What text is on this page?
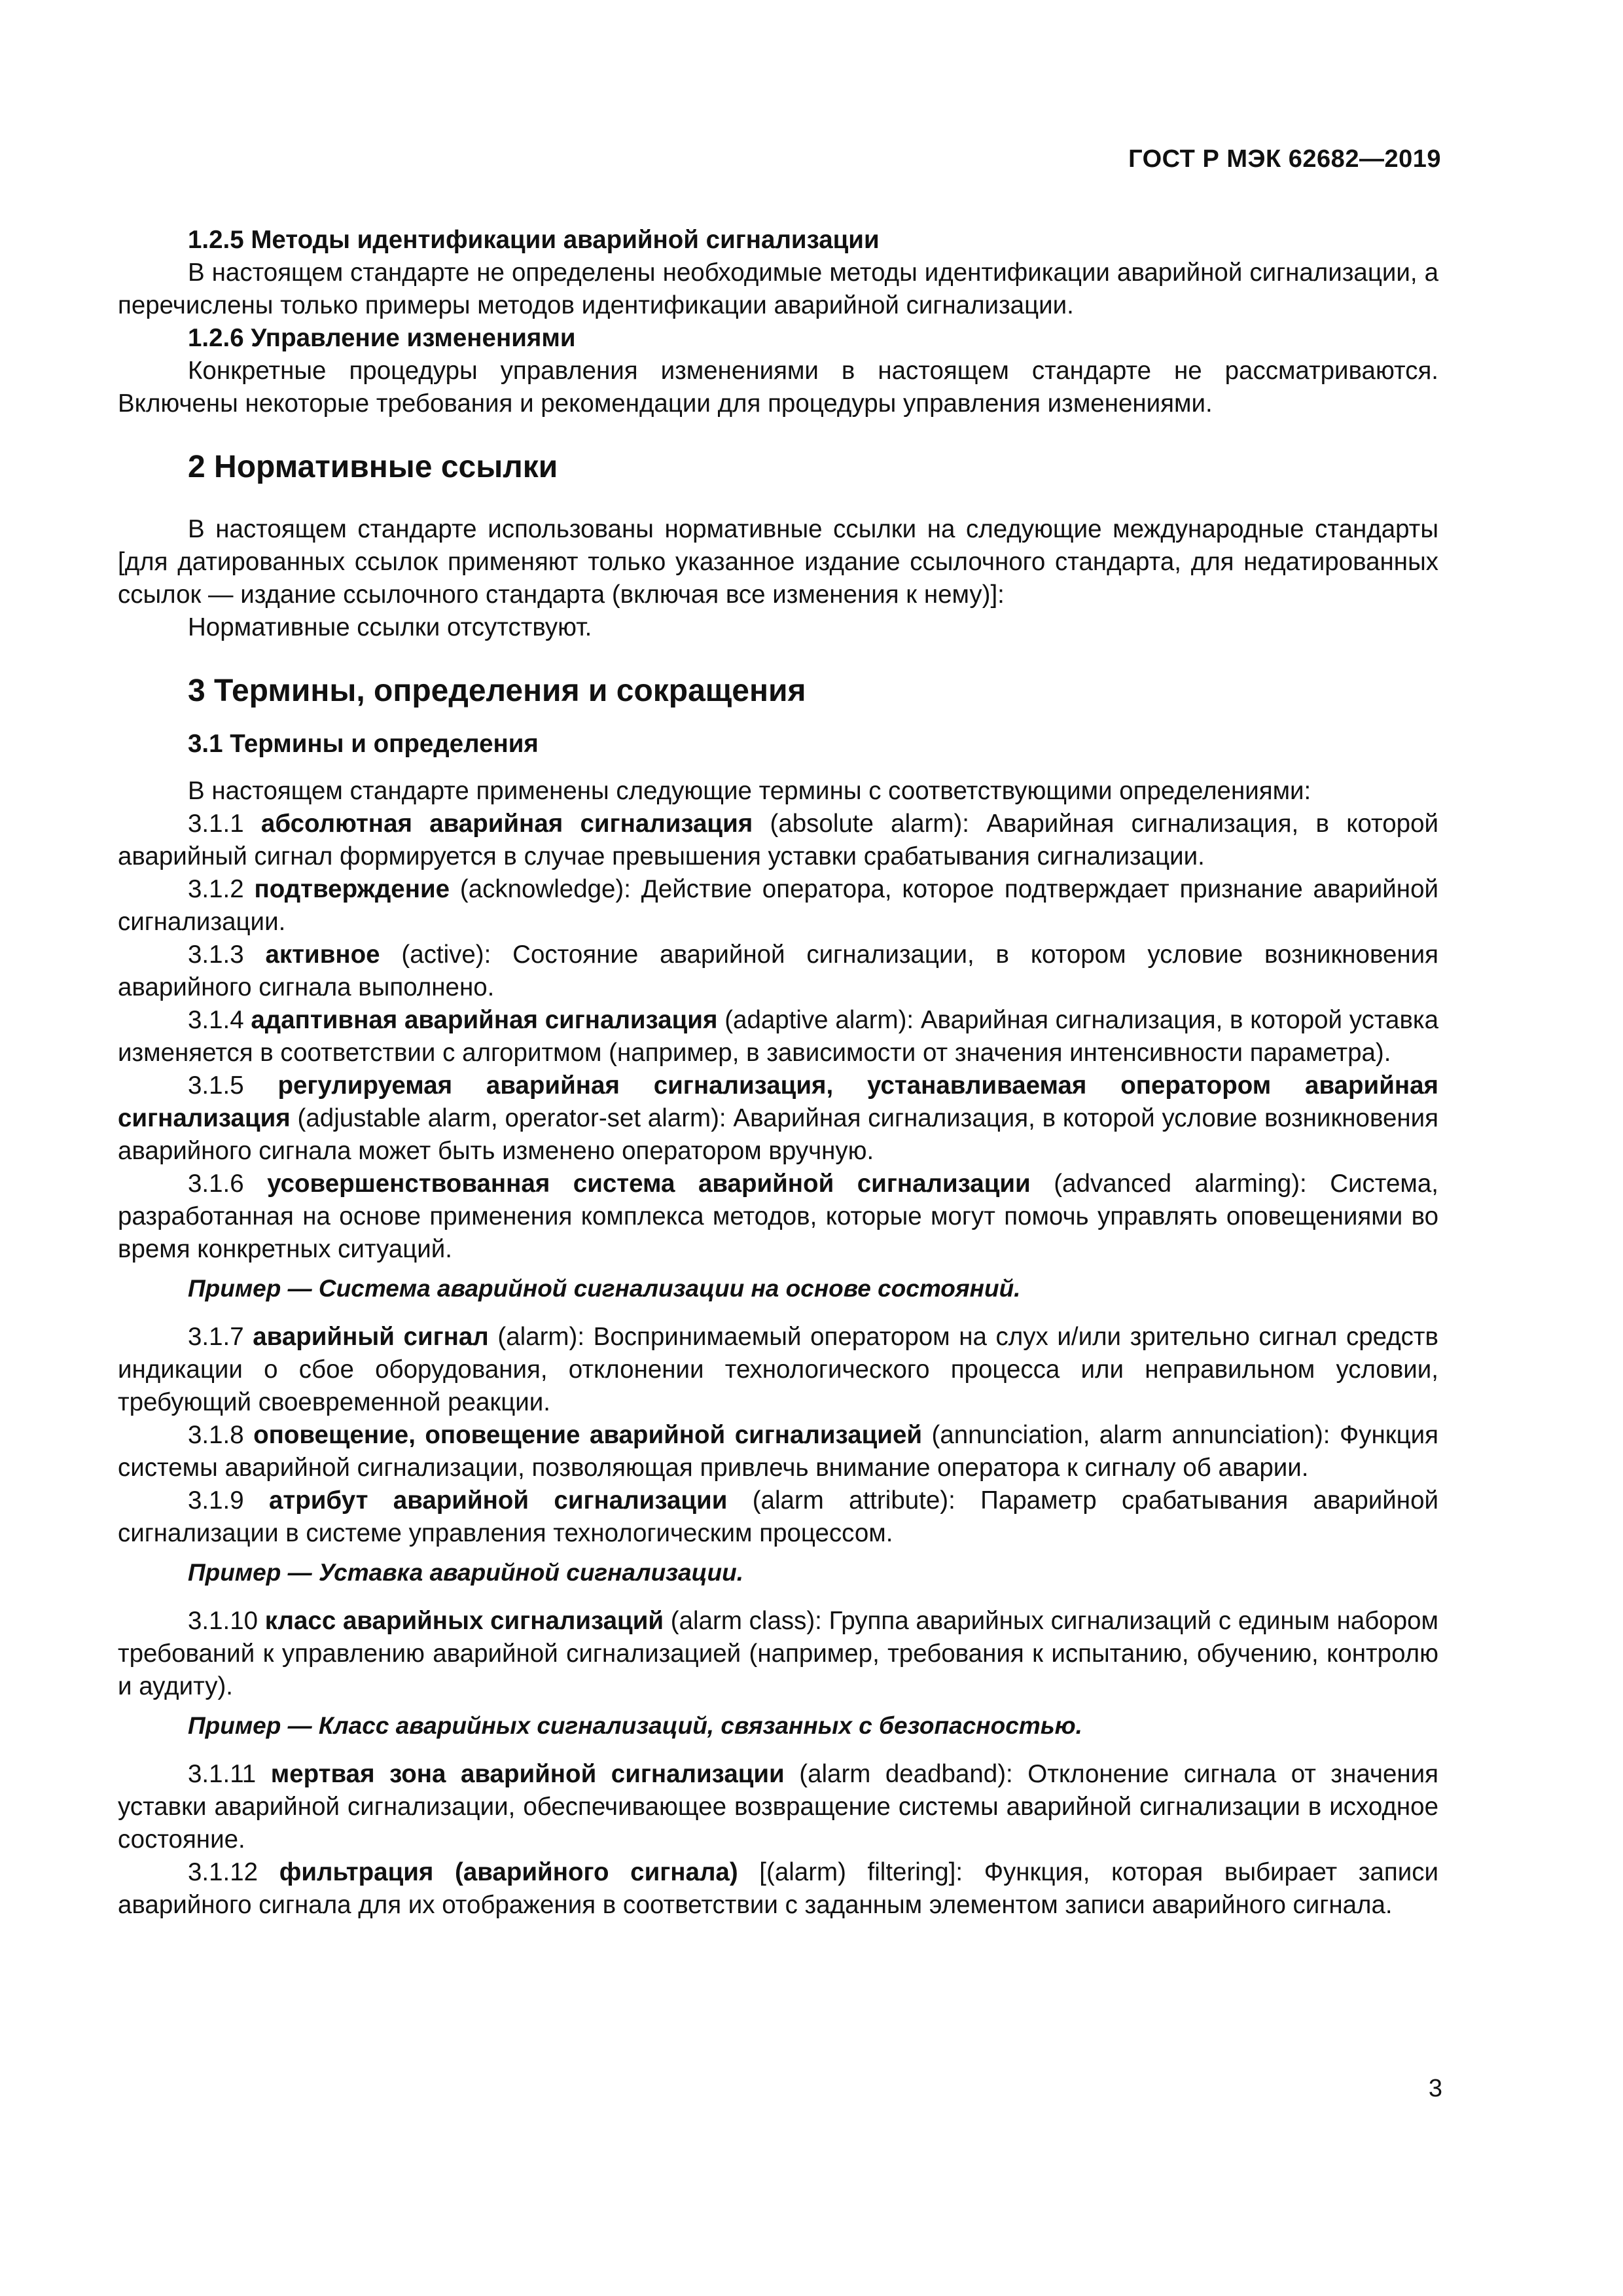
ГОСТ Р МЭК 62682—2019

1.2.5 Методы идентификации аварийной сигнализации

В настоящем стандарте не определены необходимые методы идентификации аварийной сигнализации, а перечислены только примеры методов идентификации аварийной сигнализации.

1.2.6 Управление изменениями

Конкретные процедуры управления изменениями в настоящем стандарте не рассматриваются. Включены некоторые требования и рекомендации для процедуры управления изменениями.

2 Нормативные ссылки

В настоящем стандарте использованы нормативные ссылки на следующие международные стандарты [для датированных ссылок применяют только указанное издание ссылочного стандарта, для недатированных ссылок — издание ссылочного стандарта (включая все изменения к нему)]:

Нормативные ссылки отсутствуют.

3 Термины, определения и сокращения

3.1 Термины и определения

В настоящем стандарте применены следующие термины с соответствующими определениями:

3.1.1 абсолютная аварийная сигнализация (absolute alarm): Аварийная сигнализация, в которой аварийный сигнал формируется в случае превышения уставки срабатывания сигнализации.

3.1.2 подтверждение (acknowledge): Действие оператора, которое подтверждает признание аварийной сигнализации.

3.1.3 активное (active): Состояние аварийной сигнализации, в котором условие возникновения аварийного сигнала выполнено.

3.1.4 адаптивная аварийная сигнализация (adaptive alarm): Аварийная сигнализация, в которой уставка изменяется в соответствии с алгоритмом (например, в зависимости от значения интенсивности параметра).

3.1.5 регулируемая аварийная сигнализация, устанавливаемая оператором аварийная сигнализация (adjustable alarm, operator-set alarm): Аварийная сигнализация, в которой условие возникновения аварийного сигнала может быть изменено оператором вручную.

3.1.6 усовершенствованная система аварийной сигнализации (advanced alarming): Система, разработанная на основе применения комплекса методов, которые могут помочь управлять оповещениями во время конкретных ситуаций.

Пример — Система аварийной сигнализации на основе состояний.

3.1.7 аварийный сигнал (alarm): Воспринимаемый оператором на слух и/или зрительно сигнал средств индикации о сбое оборудования, отклонении технологического процесса или неправильном условии, требующий своевременной реакции.

3.1.8 оповещение, оповещение аварийной сигнализацией (annunciation, alarm annunciation): Функция системы аварийной сигнализации, позволяющая привлечь внимание оператора к сигналу об аварии.

3.1.9 атрибут аварийной сигнализации (alarm attribute): Параметр срабатывания аварийной сигнализации в системе управления технологическим процессом.

Пример — Уставка аварийной сигнализации.

3.1.10 класс аварийных сигнализаций (alarm class): Группа аварийных сигнализаций с единым набором требований к управлению аварийной сигнализацией (например, требования к испытанию, обучению, контролю и аудиту).

Пример — Класс аварийных сигнализаций, связанных с безопасностью.

3.1.11 мертвая зона аварийной сигнализации (alarm deadband): Отклонение сигнала от значения уставки аварийной сигнализации, обеспечивающее возвращение системы аварийной сигнализации в исходное состояние.

3.1.12 фильтрация (аварийного сигнала) [(alarm) filtering]: Функция, которая выбирает записи аварийного сигнала для их отображения в соответствии с заданным элементом записи аварийного сигнала.

3
